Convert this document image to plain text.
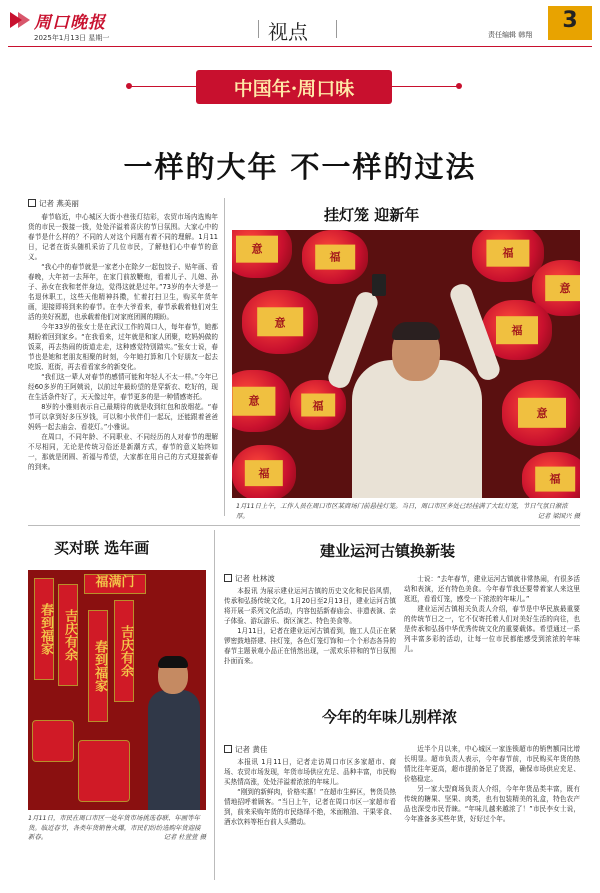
周口晚报
2025年1月13日 星期一	视点	责任编辑 韩翔
3
中国年·周口味
一样的大年 不一样的过法
记者 燕美丽

春节临近，中心城区大街小巷张灯结彩，农贸市场内选购年货的市民一拨接一拨，处处洋溢着喜庆的节日氛围。大家心中的春节是什么样的？不同的人对这个问题有着不同的理解。1月11日，记者在街头随机采访了几位市民，了解他们心中春节的意义。

“我心中的春节就是一家老小在除夕一起包饺子、贴年画、看春晚，大年初一去拜年，在家门前放鞭炮，看着儿子、儿媳、孙子、孙女在我和老伴身边，觉得这就是过年。”73岁的李大爷是一名退休职工，这些天他精神抖擞，忙着打扫卫生，购买年货年画，迎接即将到来的春节。在李大爷看来，春节承载着他们对生活的美好祝愿，也承载着他们对家庭团圆的期盼。

今年33岁的张女士是在武汉工作的周口人，每年春节，她都期盼着回到家乡。“在我看来，过年就是和家人团聚，吃妈妈做的饭菜，再去热闹的街道走走，这种感觉特别踏实。”张女士说，春节也是她和老朋友相聚的时刻，今年她打算和几个好朋友一起去吃饭、逛街，再去看看家乡的新变化。

“我们这一辈人对春节的感情可能和年轻人不太一样。”今年已经60多岁的王阿姨说，以前过年最盼望的是穿新衣、吃好的，现在生活条件好了，天天像过年，春节更多的是一种情感寄托。

8岁的小雅则表示自己最期待的就是收到红包和放烟花。“春节可以拿到好多压岁钱，可以和小伙伴们一起玩，还能跟着爸爸妈妈一起去庙会、看花灯。”小雅说。

在周口，不同年龄、不同职业、不同经历的人对春节的理解不尽相同，无论是传统习俗还是新潮方式，春节的意义始终如一，那就是团圆、祈福与希望，大家都在用自己的方式迎接新春的到来。

挂灯笼 迎新年
意
福	福
意
意
福
意	福
意
福	福
1月11日上午，工作人员在周口市区某商场门前悬挂灯笼。当日，周口市区多处已经挂满了大红灯笼，节日气氛日渐浓厚。	记者 梁国兴 摄
买对联 选年画
春到福家 吉庆有余
福满门
春到福家 吉庆有余
1月11日，市民在周口市区一处年货市场挑选春联、年画等年货。临近春节，各类年货销售火爆，市民们纷纷选购年货迎接新春。	记者 杜萱萱 摄
建业运河古镇换新装
记者 杜林波

本报讯 为展示建业运河古镇的历史文化和民俗风情，传承和弘扬传统文化，1月20日至2月13日，建业运河古镇将开展一系列文化活动，内容包括新春庙会、非遗表演、亲子体验、游玩游乐、街区演艺、特色美食等。

1月11日，记者在建业运河古镇看到，施工人员正在紧锣密鼓地搭建、挂灯笼，各色灯笼灯饰和一个个形态各异的春节主题景观小品正在悄然出现，一派欢乐祥和的节日氛围扑面而来。

士说：“去年春节，建业运河古镇就非常热闹，有很多活动和表演，还有特色美食。今年春节我还要带着家人来这里逛逛，看看灯笼，感受一下浓浓的年味儿。”

建业运河古镇相关负责人介绍，春节是中华民族最重要的传统节日之一，它不仅寄托着人们对美好生活的向往，也是传承和弘扬中华优秀传统文化的重要载体。希望通过一系列丰富多彩的活动，让每一位市民都能感受到浓浓的年味儿。

今年的年味儿别样浓
记者 黄佳

本报讯 1月11日，记者走访周口市区多家超市、商场、农贸市场发现，年货市场供应充足、品种丰富，市民购买热情高涨，处处洋溢着浓浓的年味儿。

“刚到的新鲜肉，价格实惠！”在超市生鲜区，售货员热情地招呼着顾客。“当日上午，记者在周口市区一家超市看到，前来采购年货的市民络绎不绝，米面粮油、干果零食、酒水饮料等柜台前人头攒动。

近半个月以来，中心城区一家连锁超市的销售额同比增长明显。超市负责人表示，今年春节前，市民购买年货的热情比往年更高，超市提前备足了货源，确保市场供应充足、价格稳定。

另一家大型商场负责人介绍，今年年货品类丰富，既有传统的糖果、坚果、肉类，也有包装精美的礼盒，特色农产品也深受市民青睐。“年味儿越来越浓了！”市民李女士说，今年准备多买些年货，好好过个年。
